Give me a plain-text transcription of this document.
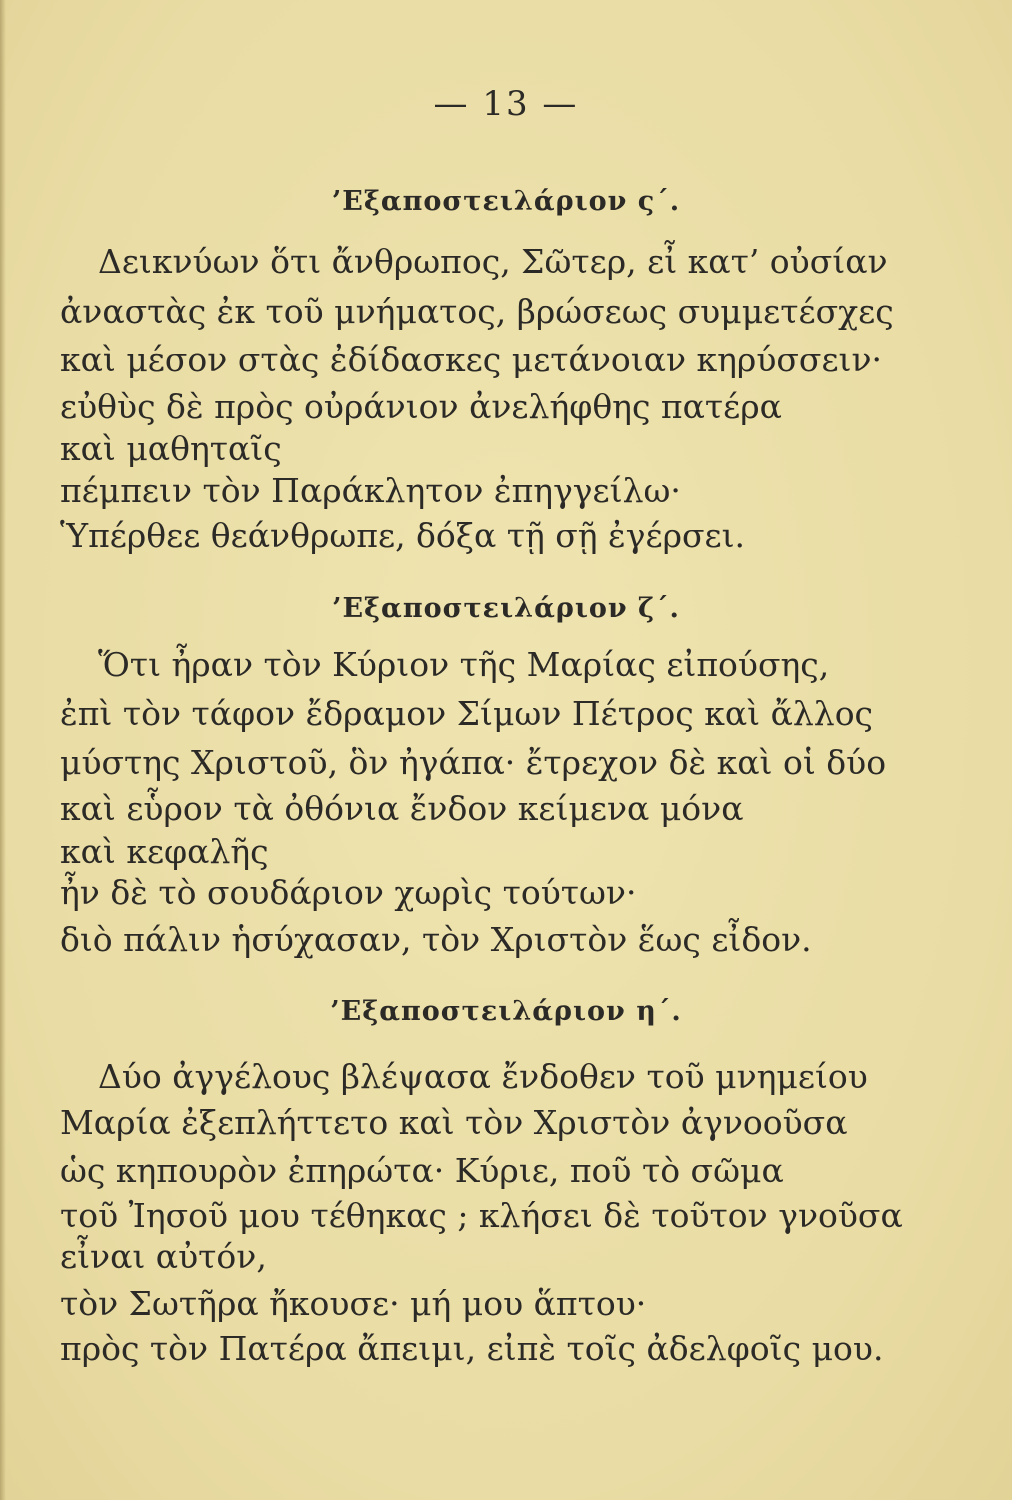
— 13 —
’Εξαποστειλάριον ς΄.
Δεικνύων ὅτι ἄνθρωπος, Σῶτερ, εἶ κατ’ οὐσίαν
ἀναστὰς ἐκ τοῦ μνήματος, βρώσεως συμμετέσχες
καὶ μέσον στὰς ἐδίδασκες μετάνοιαν κηρύσσειν·
εὐθὺς δὲ πρὸς οὐράνιον ἀνελήφθης πατέρα
καὶ μαθηταῖς
πέμπειν τὸν Παράκλητον ἐπηγγείλω·
Ὑπέρθεε θεάνθρωπε, δόξα τῇ σῇ ἐγέρσει.
’Εξαποστειλάριον ζ΄.
Ὅτι ἦραν τὸν Κύριον τῆς Μαρίας εἰπούσης,
ἐπὶ τὸν τάφον ἔδραμον Σίμων Πέτρος καὶ ἄλλος
μύστης Χριστοῦ, ὃν ἠγάπα· ἔτρεχον δὲ καὶ οἱ δύο
καὶ εὗρον τὰ ὀθόνια ἔνδον κείμενα μόνα
καὶ κεφαλῆς
ἦν δὲ τὸ σουδάριον χωρὶς τούτων·
διὸ πάλιν ἡσύχασαν, τὸν Χριστὸν ἕως εἶδον.
’Εξαποστειλάριον η΄.
Δύο ἀγγέλους βλέψασα ἔνδοθεν τοῦ μνημείου
Μαρία ἐξεπλήττετο καὶ τὸν Χριστὸν ἀγνοοῦσα
ὡς κηπουρὸν ἐπηρώτα· Κύριε, ποῦ τὸ σῶμα
τοῦ Ἰησοῦ μου τέθηκας ; κλήσει δὲ τοῦτον γνοῦσα
εἶναι αὐτόν,
τὸν Σωτῆρα ἤκουσε· μή μου ἅπτου·
πρὸς τὸν Πατέρα ἄπειμι, εἰπὲ τοῖς ἀδελφοῖς μου.
